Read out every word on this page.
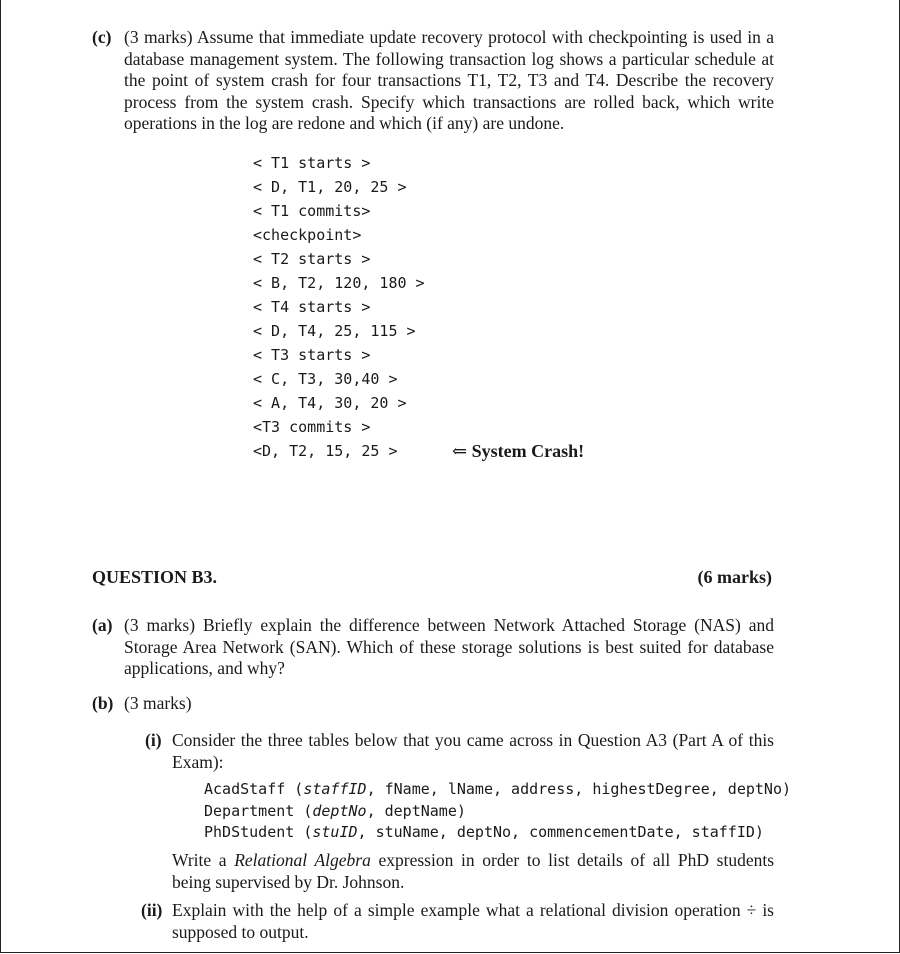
(c) (3 marks) Assume that immediate update recovery protocol with checkpointing is used in a database management system. The following transaction log shows a particular schedule at the point of system crash for four transactions T1, T2, T3 and T4. Describe the recovery process from the system crash. Specify which transactions are rolled back, which write operations in the log are redone and which (if any) are undone.
< T1 starts >
< D, T1, 20, 25 >
< T1 commits>
<checkpoint>
< T2 starts >
< B, T2, 120, 180 >
< T4 starts >
< D, T4, 25, 115 >
< T3 starts >
< C, T3, 30,40 >
< A, T4, 30, 20 >
<T3 commits >
<D, T2, 15, 25 >	⇐ System Crash!
QUESTION B3.	(6 marks)
(a) (3 marks) Briefly explain the difference between Network Attached Storage (NAS) and Storage Area Network (SAN). Which of these storage solutions is best suited for database applications, and why?
(b) (3 marks)
(i) Consider the three tables below that you came across in Question A3 (Part A of this Exam):
AcadStaff (staffID, fName, lName, address, highestDegree, deptNo)
Department (deptNo, deptName)
PhDStudent (stuID, stuName, deptNo, commencementDate, staffID)
Write a Relational Algebra expression in order to list details of all PhD students being supervised by Dr. Johnson.
(ii) Explain with the help of a simple example what a relational division operation ÷ is supposed to output.
